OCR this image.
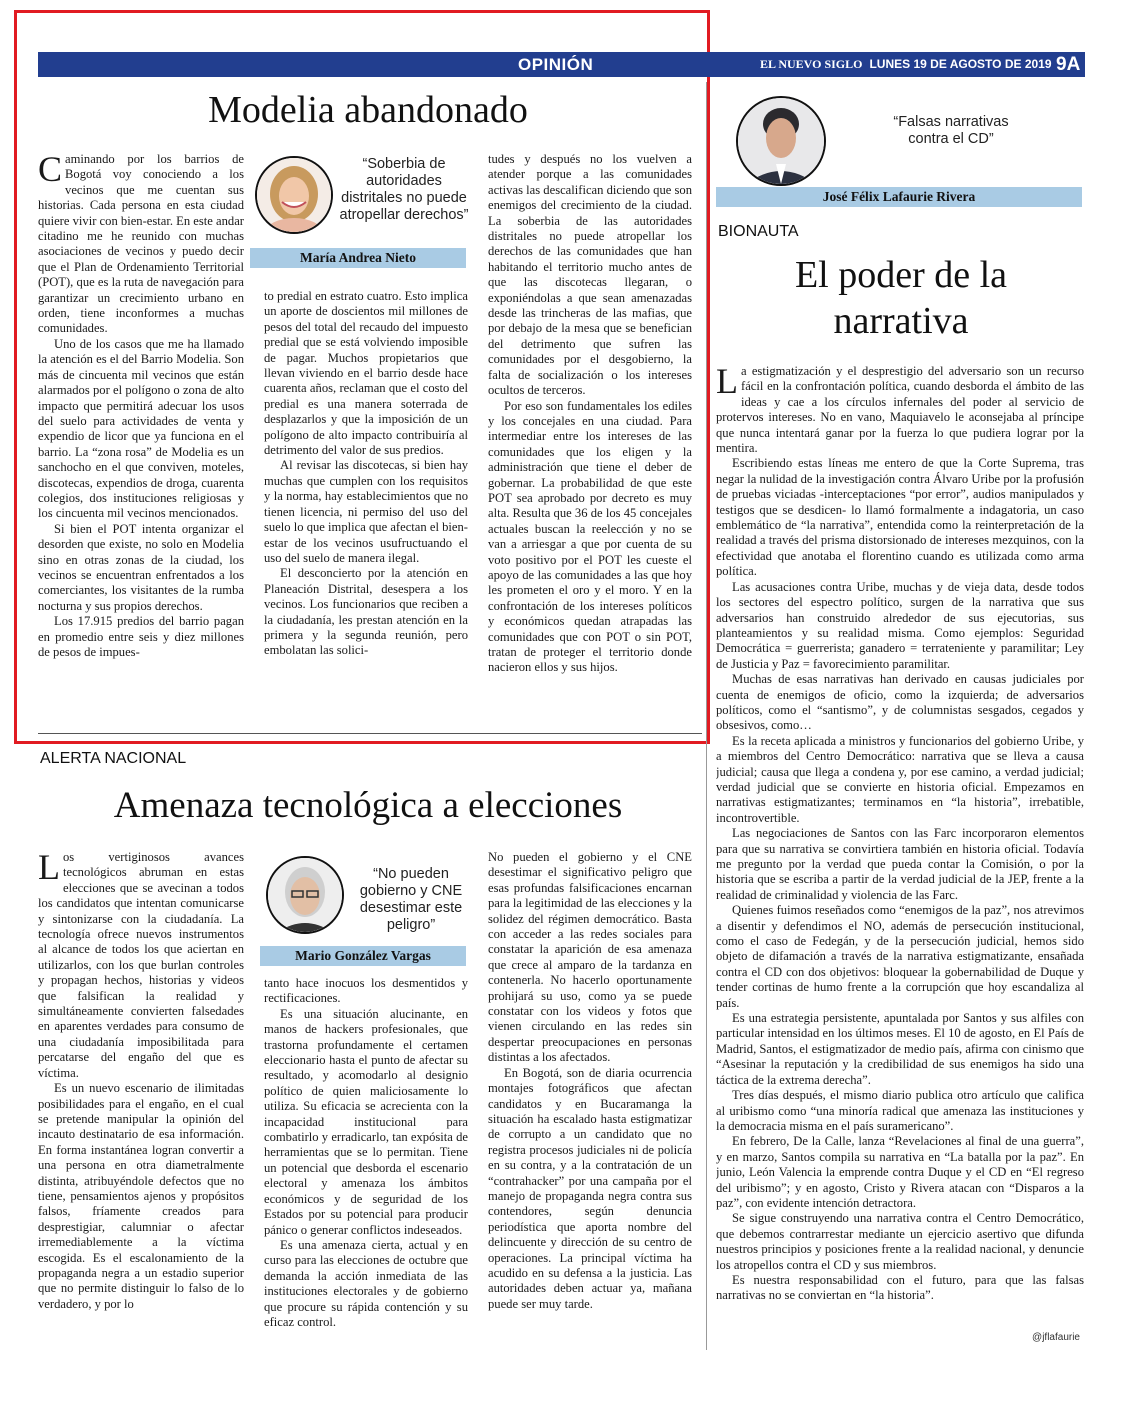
OPINIÓN	EL NUEVO SIGLO LUNES 19 DE AGOSTO DE 2019 9A
Modelia abandonado

Caminando por los barrios de Bogotá voy conociendo a los vecinos que me cuentan sus historias. Cada persona en esta ciudad quiere vivir con bien-estar. En este andar citadino me he reunido con muchas asociaciones de vecinos y puedo decir que el Plan de Ordenamiento Territorial (POT), que es la ruta de navegación para garantizar un crecimiento urbano en orden, tiene inconformes a muchas comunidades.

Uno de los casos que me ha llamado la atención es el del Barrio Modelia. Son más de cincuenta mil vecinos que están alarmados por el polígono o zona de alto impacto que permitirá adecuar los usos del suelo para actividades de venta y expendio de licor que ya funciona en el barrio. La “zona rosa” de Modelia es un sanchocho en el que conviven, moteles, discotecas, expendios de droga, cuarenta colegios, dos instituciones religiosas y los cincuenta mil vecinos mencionados.

Si bien el POT intenta organizar el desorden que existe, no solo en Modelia sino en otras zonas de la ciudad, los vecinos se encuentran enfrentados a los comerciantes, los visitantes de la rumba nocturna y sus propios derechos.

Los 17.915 predios del barrio pagan en promedio entre seis y diez millones de pesos de impues-

“Soberbia de autoridades distritales no puede atropellar derechos”
María Andrea Nieto

to predial en estrato cuatro. Esto implica un aporte de doscientos mil millones de pesos del total del recaudo del impuesto predial que se está volviendo imposible de pagar. Muchos propietarios que llevan viviendo en el barrio desde hace cuarenta años, reclaman que el costo del predial es una manera soterrada de desplazarlos y que la imposición de un polígono de alto impacto contribuiría al detrimento del valor de sus predios.

Al revisar las discotecas, si bien hay muchas que cumplen con los requisitos y la norma, hay establecimientos que no tienen licencia, ni permiso del uso del suelo lo que implica que afectan el bien-estar de los vecinos usufructuando el uso del suelo de manera ilegal.

El desconcierto por la atención en Planeación Distrital, desespera a los vecinos. Los funcionarios que reciben a la ciudadanía, les prestan atención en la primera y la segunda reunión, pero embolatan las solici-

tudes y después no los vuelven a atender porque a las comunidades activas las descalifican diciendo que son enemigos del crecimiento de la ciudad. La soberbia de las autoridades distritales no puede atropellar los derechos de las comunidades que han habitando el territorio mucho antes de que las discotecas llegaran, o exponiéndolas a que sean amenazadas desde las trincheras de las mafias, que por debajo de la mesa que se benefician del detrimento que sufren las comunidades por el desgobierno, la falta de socialización o los intereses ocultos de terceros.

Por eso son fundamentales los ediles y los concejales en una ciudad. Para intermediar entre los intereses de las comunidades que los eligen y la administración que tiene el deber de gobernar. La probabilidad de que este POT sea aprobado por decreto es muy alta. Resulta que 36 de los 45 concejales actuales buscan la reelección y no se van a arriesgar a que por cuenta de su voto positivo por el POT les cueste el apoyo de las comunidades a las que hoy les prometen el oro y el moro. Y en la confrontación de los intereses políticos y económicos quedan atrapadas las comunidades que con POT o sin POT, tratan de proteger el territorio donde nacieron ellos y sus hijos.

ALERTA NACIONAL
Amenaza tecnológica a elecciones

Los vertiginosos avances tecnológicos abruman en estas elecciones que se avecinan a todos los candidatos que intentan comunicarse y sintonizarse con la ciudadanía. La tecnología ofrece nuevos instrumentos al alcance de todos los que aciertan en utilizarlos, con los que burlan controles y propagan hechos, historias y videos que falsifican la realidad y simultáneamente convierten falsedades en aparentes verdades para consumo de una ciudadanía imposibilitada para percatarse del engaño del que es víctima.

Es un nuevo escenario de ilimitadas posibilidades para el engaño, en el cual se pretende manipular la opinión del incauto destinatario de esa información. En forma instantánea logran convertir a una persona en otra diametralmente distinta, atribuyéndole defectos que no tiene, pensamientos ajenos y propósitos falsos, fríamente creados para desprestigiar, calumniar o afectar irremediablemente a la víctima escogida. Es el escalonamiento de la propaganda negra a un estadio superior que no permite distinguir lo falso de lo verdadero, y por lo

“No pueden gobierno y CNE desestimar este peligro”
Mario González Vargas

tanto hace inocuos los desmentidos y rectificaciones.

Es una situación alucinante, en manos de hackers profesionales, que trastorna profundamente el certamen eleccionario hasta el punto de afectar su resultado, y acomodarlo al designio político de quien maliciosamente lo utiliza. Su eficacia se acrecienta con la incapacidad institucional para combatirlo y erradicarlo, tan expósita de herramientas que se lo permitan. Tiene un potencial que desborda el escenario electoral y amenaza los ámbitos económicos y de seguridad de los Estados por su potencial para producir pánico o generar conflictos indeseados.

Es una amenaza cierta, actual y en curso para las elecciones de octubre que demanda la acción inmediata de las instituciones electorales y de gobierno que procure su rápida contención y su eficaz control.

No pueden el gobierno y el CNE desestimar el significativo peligro que esas profundas falsificaciones encarnan para la legitimidad de las elecciones y la solidez del régimen democrático. Basta con acceder a las redes sociales para constatar la aparición de esa amenaza que crece al amparo de la tardanza en contenerla. No hacerlo oportunamente prohijará su uso, como ya se puede constatar con los videos y fotos que vienen circulando en las redes sin despertar preocupaciones en personas distintas a los afectados.

En Bogotá, son de diaria ocurrencia montajes fotográficos que afectan candidatos y en Bucaramanga la situación ha escalado hasta estigmatizar de corrupto a un candidato que no registra procesos judiciales ni de policía en su contra, y a la contratación de un “contrahacker” por una campaña por el manejo de propaganda negra contra sus contendores, según denuncia periodística que aporta nombre del delincuente y dirección de su centro de operaciones. La principal víctima ha acudido en su defensa a la justicia. Las autoridades deben actuar ya, mañana puede ser muy tarde.

“Falsas narrativas contra el CD”
José Félix Lafaurie Rivera
BIONAUTA
El poder de la narrativa

La estigmatización y el desprestigio del adversario son un recurso fácil en la confrontación política, cuando desborda el ámbito de las ideas y cae a los círculos infernales del poder al servicio de protervos intereses. No en vano, Maquiavelo le aconsejaba al príncipe que nunca intentará ganar por la fuerza lo que pudiera lograr por la mentira.

Escribiendo estas líneas me entero de que la Corte Suprema, tras negar la nulidad de la investigación contra Álvaro Uribe por la profusión de pruebas viciadas -interceptaciones “por error”, audios manipulados y testigos que se desdicen- lo llamó formalmente a indagatoria, un caso emblemático de “la narrativa”, entendida como la reinterpretación de la realidad a través del prisma distorsionado de intereses mezquinos, con la efectividad que anotaba el florentino cuando es utilizada como arma política.

Las acusaciones contra Uribe, muchas y de vieja data, desde todos los sectores del espectro político, surgen de la narrativa que sus adversarios han construido alrededor de sus ejecutorias, sus planteamientos y su realidad misma. Como ejemplos: Seguridad Democrática = guerrerista; ganadero = terrateniente y paramilitar; Ley de Justicia y Paz = favorecimiento paramilitar.

Muchas de esas narrativas han derivado en causas judiciales por cuenta de enemigos de oficio, como la izquierda; de adversarios políticos, como el “santismo”, y de columnistas sesgados, cegados y obsesivos, como…

Es la receta aplicada a ministros y funcionarios del gobierno Uribe, y a miembros del Centro Democrático: narrativa que se lleva a causa judicial; causa que llega a condena y, por ese camino, a verdad judicial; verdad judicial que se convierte en historia oficial. Empezamos en narrativas estigmatizantes; terminamos en “la historia”, irrebatible, incontrovertible.

Las negociaciones de Santos con las Farc incorporaron elementos para que su narrativa se convirtiera también en historia oficial. Todavía me pregunto por la verdad que pueda contar la Comisión, o por la historia que se escriba a partir de la verdad judicial de la JEP, frente a la realidad de criminalidad y violencia de las Farc.

Quienes fuimos reseñados como “enemigos de la paz”, nos atrevimos a disentir y defendimos el NO, además de persecución institucional, como el caso de Fedegán, y de la persecución judicial, hemos sido objeto de difamación a través de la narrativa estigmatizante, ensañada contra el CD con dos objetivos: bloquear la gobernabilidad de Duque y tender cortinas de humo frente a la corrupción que hoy escandaliza al país.

Es una estrategia persistente, apuntalada por Santos y sus alfiles con particular intensidad en los últimos meses. El 10 de agosto, en El País de Madrid, Santos, el estigmatizador de medio país, afirma con cinismo que “Asesinar la reputación y la credibilidad de sus enemigos ha sido una táctica de la extrema derecha”.

Tres días después, el mismo diario publica otro artículo que califica al uribismo como “una minoría radical que amenaza las instituciones y la democracia misma en el país suramericano”.

En febrero, De la Calle, lanza “Revelaciones al final de una guerra”, y en marzo, Santos compila su narrativa en “La batalla por la paz”. En junio, León Valencia la emprende contra Duque y el CD en “El regreso del uribismo”; y en agosto, Cristo y Rivera atacan con “Disparos a la paz”, con evidente intención detractora.

Se sigue construyendo una narrativa contra el Centro Democrático, que debemos contrarrestar mediante un ejercicio asertivo que difunda nuestros principios y posiciones frente a la realidad nacional, y denuncie los atropellos contra el CD y sus miembros.

Es nuestra responsabilidad con el futuro, para que las falsas narrativas no se conviertan en “la historia”.

@jflafaurie
